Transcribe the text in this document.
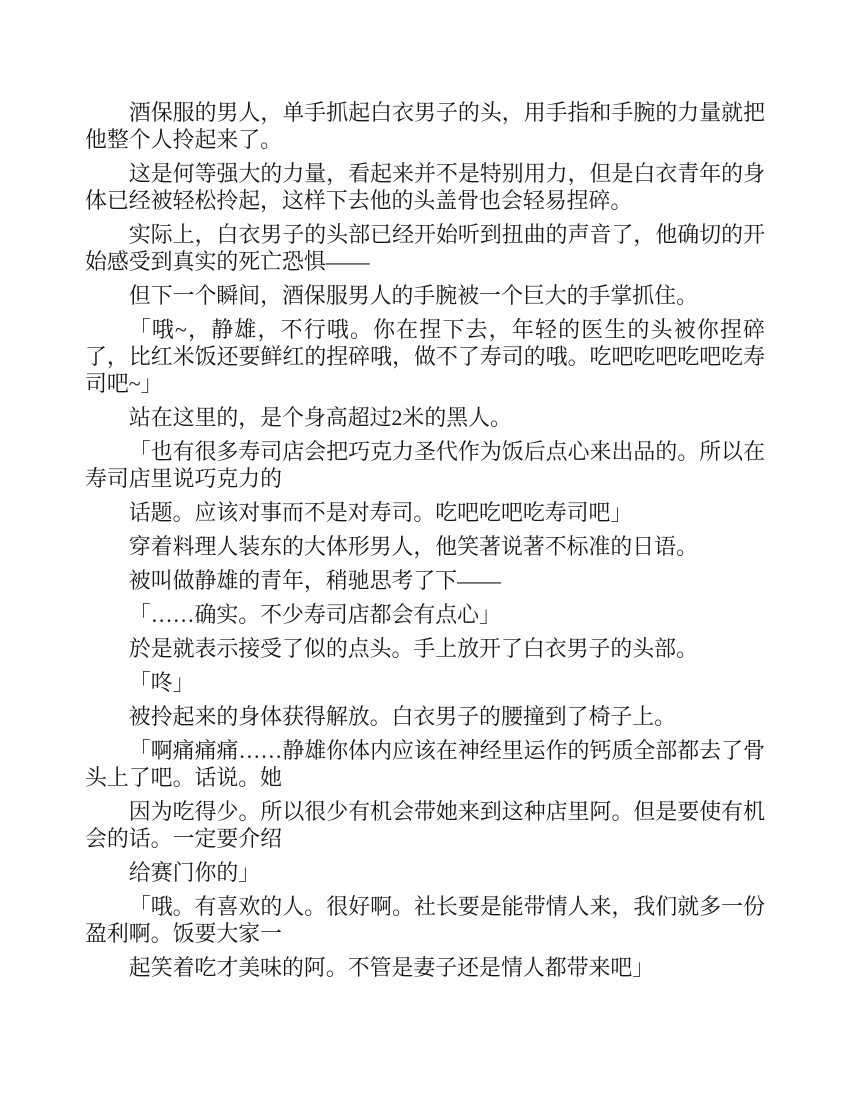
酒保服的男人，单手抓起白衣男子的头，用手指和手腕的力量就把他整个人拎起来了。

这是何等强大的力量，看起来并不是特别用力，但是白衣青年的身体已经被轻松拎起，这样下去他的头盖骨也会轻易捏碎。

实际上，白衣男子的头部已经开始听到扭曲的声音了，他确切的开始感受到真实的死亡恐惧——

但下一个瞬间，酒保服男人的手腕被一个巨大的手掌抓住。

「哦~，静雄，不行哦。你在捏下去，年轻的医生的头被你捏碎了，比红米饭还要鲜红的捏碎哦，做不了寿司的哦。吃吧吃吧吃吧吃寿司吧~」

站在这里的，是个身高超过2米的黑人。

「也有很多寿司店会把巧克力圣代作为饭后点心来出品的。所以在寿司店里说巧克力的

话题。应该对事而不是对寿司。吃吧吃吧吃寿司吧」

穿着料理人装东的大体形男人，他笑著说著不标准的日语。

被叫做静雄的青年，稍驰思考了下——

「……确实。不少寿司店都会有点心」

於是就表示接受了似的点头。手上放开了白衣男子的头部。

「咚」

被拎起来的身体获得解放。白衣男子的腰撞到了椅子上。

「啊痛痛痛……静雄你体内应该在神经里运作的钙质全部都去了骨头上了吧。话说。她

因为吃得少。所以很少有机会带她来到这种店里阿。但是要使有机会的话。一定要介绍

给赛门你的」

「哦。有喜欢的人。很好啊。社长要是能带情人来，我们就多一份盈利啊。饭要大家一

起笑着吃才美味的阿。不管是妻子还是情人都带来吧」
